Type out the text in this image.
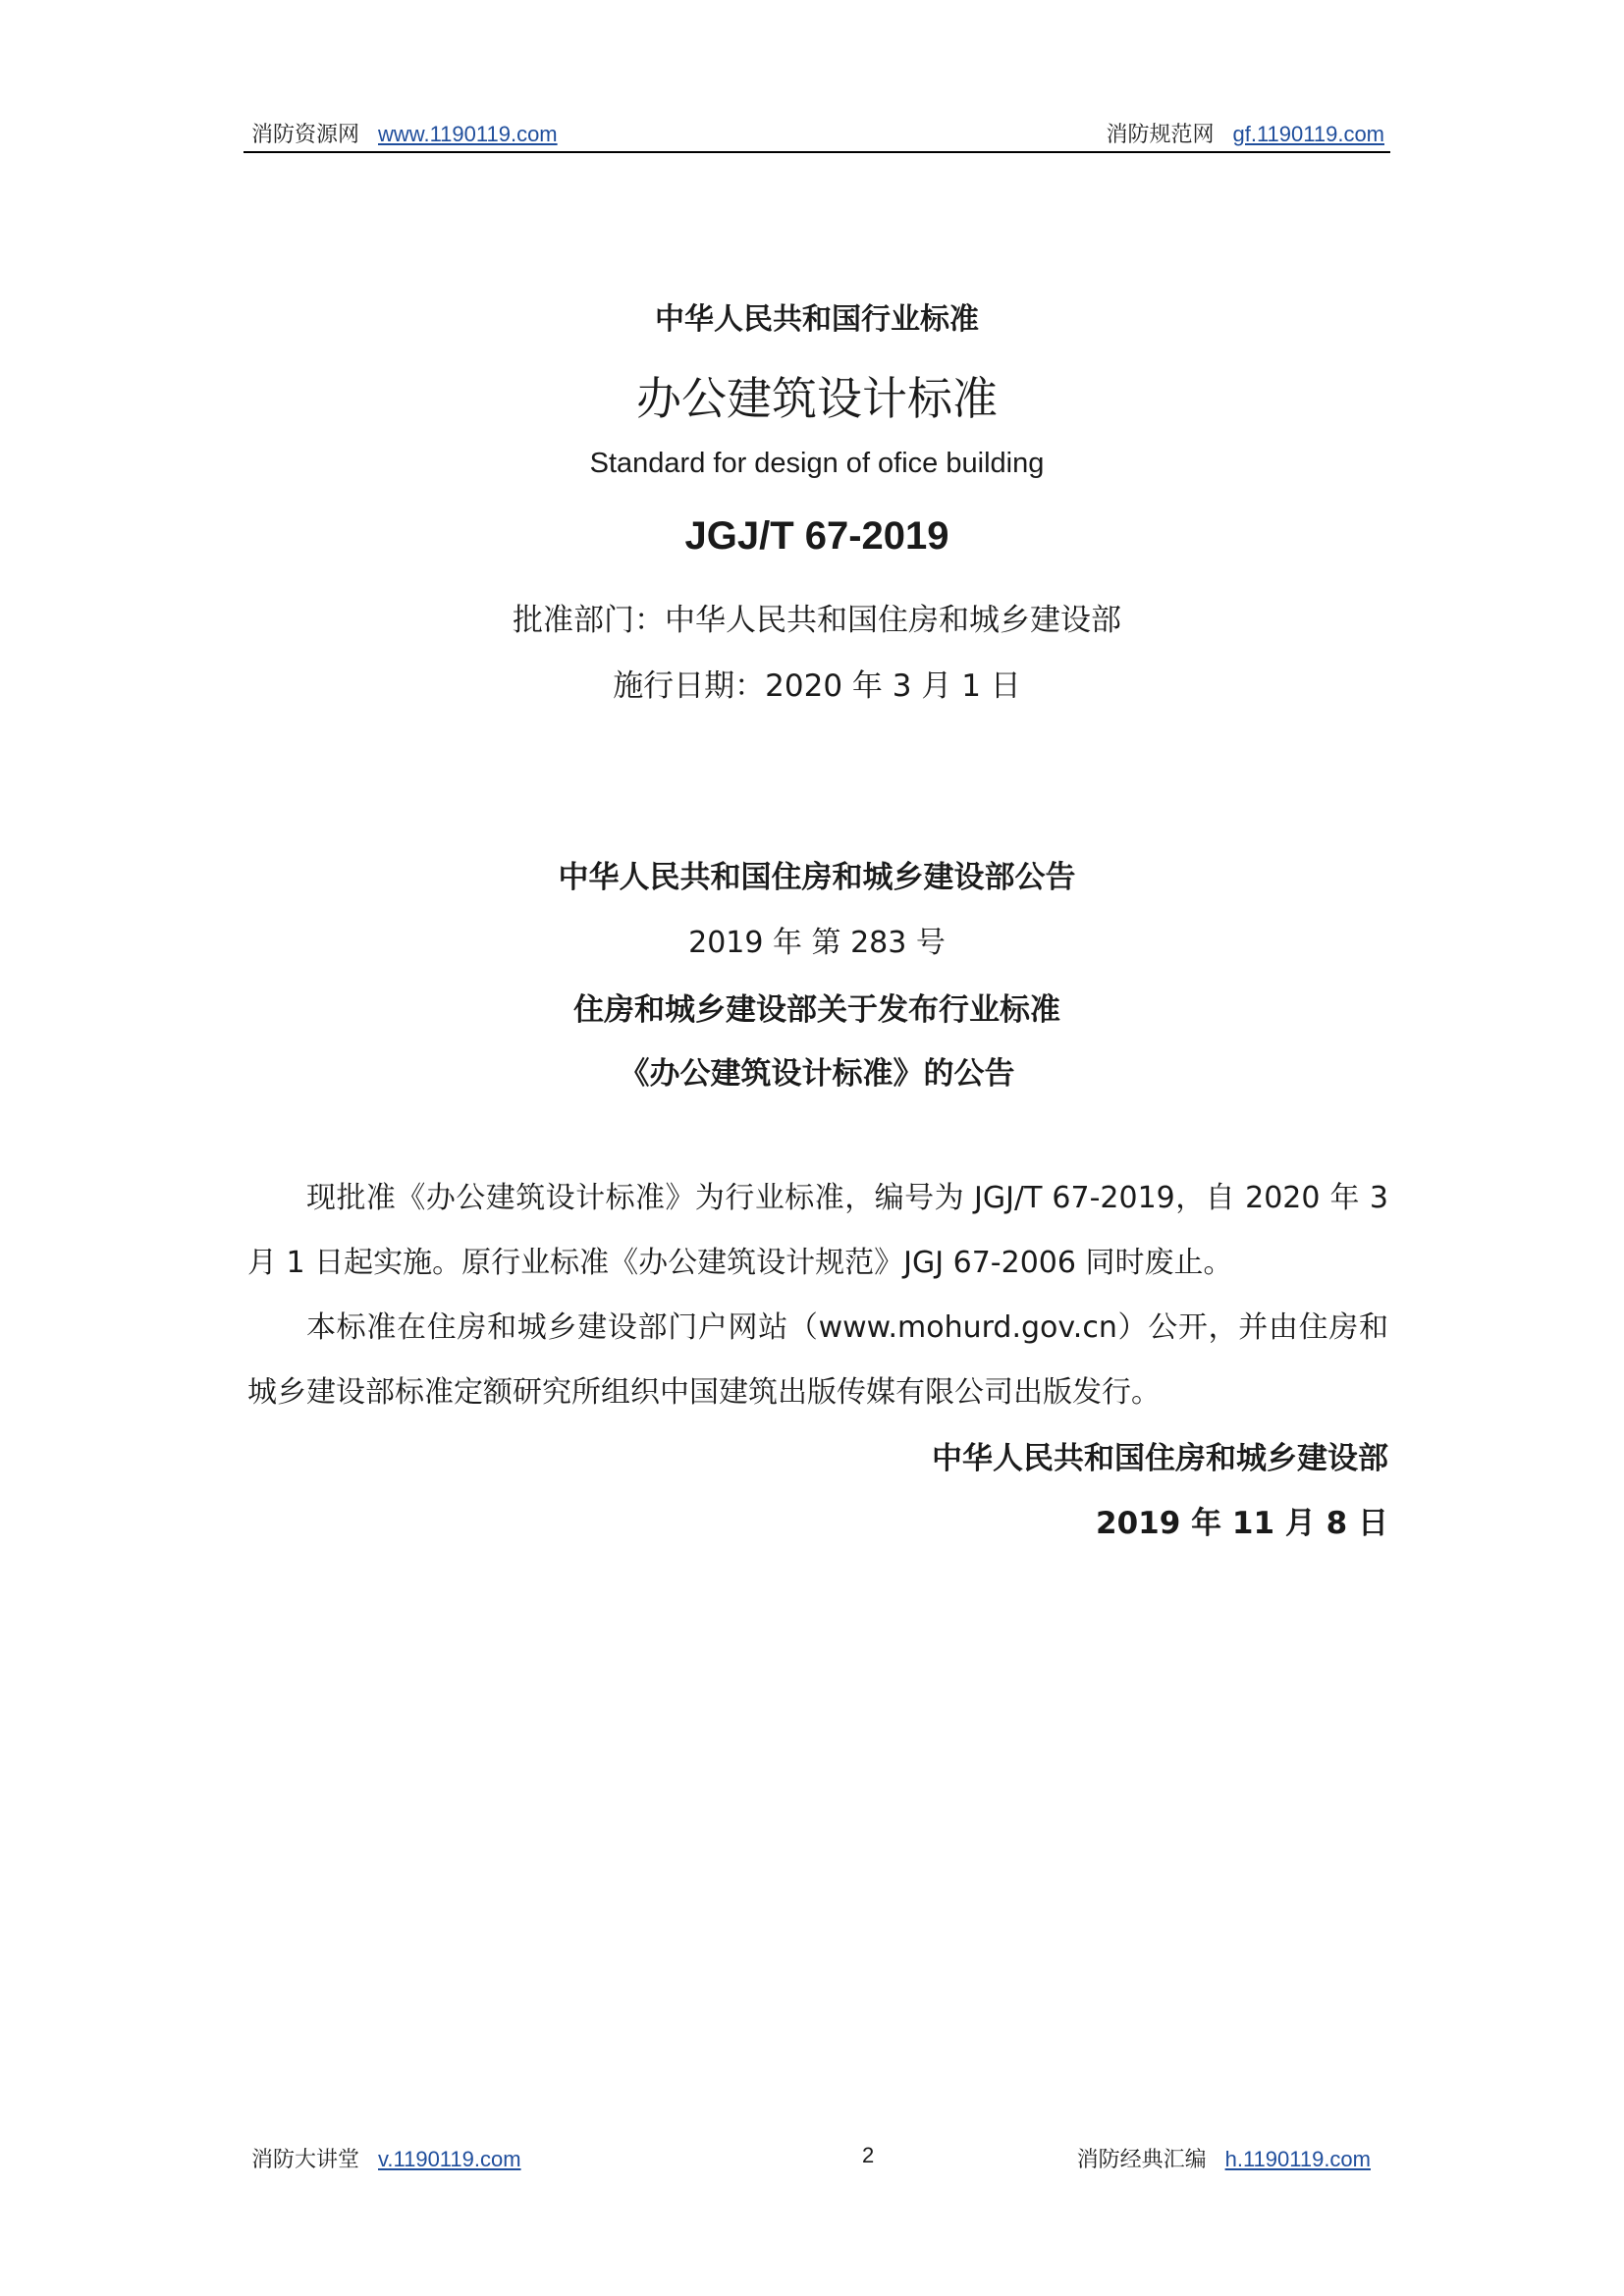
消防资源网 www.1190119.com	消防规范网 gf.1190119.com
中华人民共和国行业标准
办公建筑设计标准
Standard for design of ofice building
JGJ/T 67-2019
批准部门：中华人民共和国住房和城乡建设部
施行日期：2020 年 3 月 1 日
中华人民共和国住房和城乡建设部公告
2019 年 第 283 号
住房和城乡建设部关于发布行业标准
《办公建筑设计标准》的公告
现批准《办公建筑设计标准》为行业标准，编号为 JGJ/T 67-2019，自 2020 年 3 月 1 日起实施。原行业标准《办公建筑设计规范》JGJ 67-2006 同时废止。
本标准在住房和城乡建设部门户网站（www.mohurd.gov.cn）公开，并由住房和城乡建设部标准定额研究所组织中国建筑出版传媒有限公司出版发行。
中华人民共和国住房和城乡建设部
2019 年 11 月 8 日
消防大讲堂 v.1190119.com	2	消防经典汇编 h.1190119.com
